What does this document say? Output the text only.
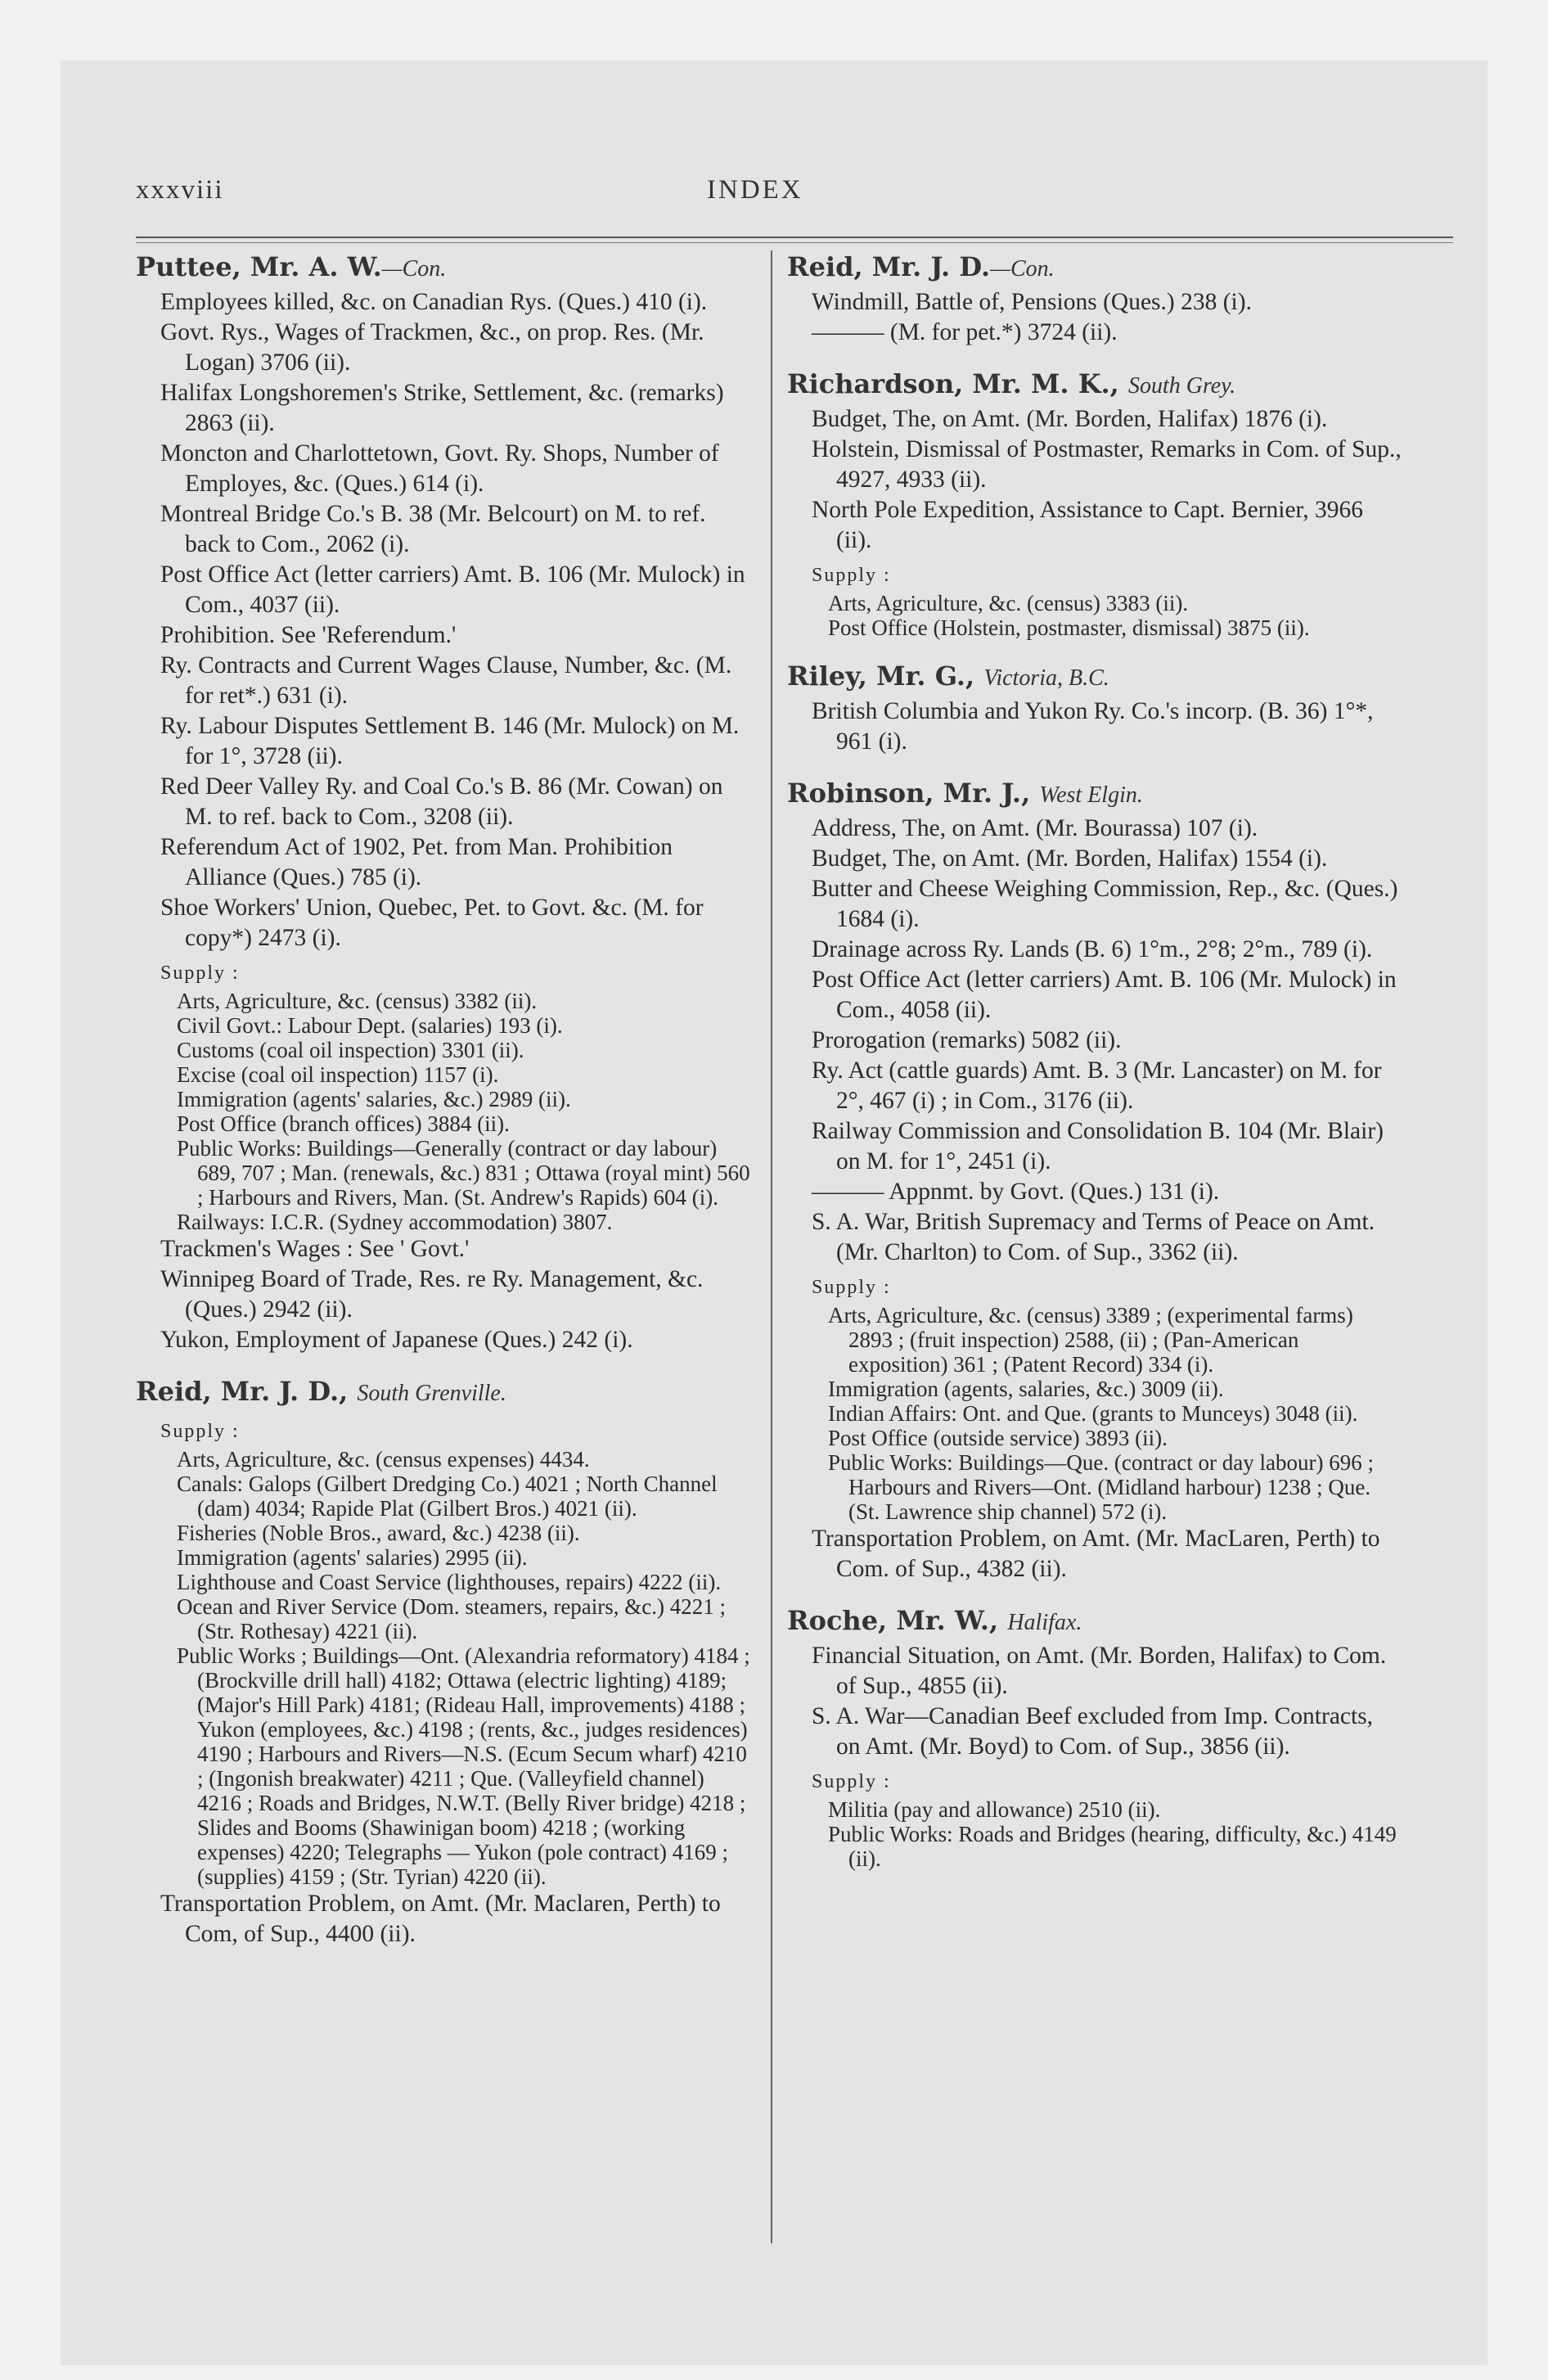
xxxviii	INDEX
Puttee, Mr. A. W.—Con.
Employees killed, &c. on Canadian Rys. (Ques.) 410 (i).
Govt. Rys., Wages of Trackmen, &c., on prop. Res. (Mr. Logan) 3706 (ii).
Halifax Longshoremen's Strike, Settlement, &c. (remarks) 2863 (ii).
Moncton and Charlottetown, Govt. Ry. Shops, Number of Employes, &c. (Ques.) 614 (i).
Montreal Bridge Co.'s B. 38 (Mr. Belcourt) on M. to ref. back to Com., 2062 (i).
Post Office Act (letter carriers) Amt. B. 106 (Mr. Mulock) in Com., 4037 (ii).
Prohibition. See 'Referendum.'
Ry. Contracts and Current Wages Clause, Number, &c. (M. for ret*.) 631 (i).
Ry. Labour Disputes Settlement B. 146 (Mr. Mulock) on M. for 1°, 3728 (ii).
Red Deer Valley Ry. and Coal Co.'s B. 86 (Mr. Cowan) on M. to ref. back to Com., 3208 (ii).
Referendum Act of 1902, Pet. from Man. Prohibition Alliance (Ques.) 785 (i).
Shoe Workers' Union, Quebec, Pet. to Govt. &c. (M. for copy*) 2473 (i).
Supply :
Arts, Agriculture, &c. (census) 3382 (ii).
Civil Govt.: Labour Dept. (salaries) 193 (i).
Customs (coal oil inspection) 3301 (ii).
Excise (coal oil inspection) 1157 (i).
Immigration (agents' salaries, &c.) 2989 (ii).
Post Office (branch offices) 3884 (ii).
Public Works: Buildings—Generally (contract or day labour) 689, 707 ; Man. (renewals, &c.) 831 ; Ottawa (royal mint) 560 ; Harbours and Rivers, Man. (St. Andrew's Rapids) 604 (i).
Railways: I.C.R. (Sydney accommodation) 3807.
Trackmen's Wages : See ' Govt.'
Winnipeg Board of Trade, Res. re Ry. Management, &c. (Ques.) 2942 (ii).
Yukon, Employment of Japanese (Ques.) 242 (i).
Reid, Mr. J. D., South Grenville.
Supply :
Arts, Agriculture, &c. (census expenses) 4434.
Canals: Galops (Gilbert Dredging Co.) 4021 ; North Channel (dam) 4034; Rapide Plat (Gilbert Bros.) 4021 (ii).
Fisheries (Noble Bros., award, &c.) 4238 (ii).
Immigration (agents' salaries) 2995 (ii).
Lighthouse and Coast Service (lighthouses, repairs) 4222 (ii).
Ocean and River Service (Dom. steamers, repairs, &c.) 4221 ; (Str. Rothesay) 4221 (ii).
Public Works ; Buildings—Ont. (Alexandria reformatory) 4184 ; (Brockville drill hall) 4182; Ottawa (electric lighting) 4189; (Major's Hill Park) 4181; (Rideau Hall, improvements) 4188 ; Yukon (employees, &c.) 4198 ; (rents, &c., judges residences) 4190 ; Harbours and Rivers—N.S. (Ecum Secum wharf) 4210 ; (Ingonish breakwater) 4211 ; Que. (Valleyfield channel) 4216 ; Roads and Bridges, N.W.T. (Belly River bridge) 4218 ; Slides and Booms (Shawinigan boom) 4218 ; (working expenses) 4220; Telegraphs — Yukon (pole contract) 4169 ; (supplies) 4159 ; (Str. Tyrian) 4220 (ii).
Transportation Problem, on Amt. (Mr. Maclaren, Perth) to Com, of Sup., 4400 (ii).
Reid, Mr. J. D.—Con.
Windmill, Battle of, Pensions (Ques.) 238 (i).
——— (M. for pet.*) 3724 (ii).
Richardson, Mr. M. K., South Grey.
Budget, The, on Amt. (Mr. Borden, Halifax) 1876 (i).
Holstein, Dismissal of Postmaster, Remarks in Com. of Sup., 4927, 4933 (ii).
North Pole Expedition, Assistance to Capt. Bernier, 3966 (ii).
Supply :
Arts, Agriculture, &c. (census) 3383 (ii).
Post Office (Holstein, postmaster, dismissal) 3875 (ii).
Riley, Mr. G., Victoria, B.C.
British Columbia and Yukon Ry. Co.'s incorp. (B. 36) 1°*, 961 (i).
Robinson, Mr. J., West Elgin.
Address, The, on Amt. (Mr. Bourassa) 107 (i).
Budget, The, on Amt. (Mr. Borden, Halifax) 1554 (i).
Butter and Cheese Weighing Commission, Rep., &c. (Ques.) 1684 (i).
Drainage across Ry. Lands (B. 6) 1°m., 2°8; 2°m., 789 (i).
Post Office Act (letter carriers) Amt. B. 106 (Mr. Mulock) in Com., 4058 (ii).
Prorogation (remarks) 5082 (ii).
Ry. Act (cattle guards) Amt. B. 3 (Mr. Lancaster) on M. for 2°, 467 (i) ; in Com., 3176 (ii).
Railway Commission and Consolidation B. 104 (Mr. Blair) on M. for 1°, 2451 (i).
——— Appnmt. by Govt. (Ques.) 131 (i).
S. A. War, British Supremacy and Terms of Peace on Amt. (Mr. Charlton) to Com. of Sup., 3362 (ii).
Supply :
Arts, Agriculture, &c. (census) 3389 ; (experimental farms) 2893 ; (fruit inspection) 2588, (ii) ; (Pan-American exposition) 361 ; (Patent Record) 334 (i).
Immigration (agents, salaries, &c.) 3009 (ii).
Indian Affairs: Ont. and Que. (grants to Munceys) 3048 (ii).
Post Office (outside service) 3893 (ii).
Public Works: Buildings—Que. (contract or day labour) 696 ; Harbours and Rivers—Ont. (Midland harbour) 1238 ; Que. (St. Lawrence ship channel) 572 (i).
Transportation Problem, on Amt. (Mr. MacLaren, Perth) to Com. of Sup., 4382 (ii).
Roche, Mr. W., Halifax.
Financial Situation, on Amt. (Mr. Borden, Halifax) to Com. of Sup., 4855 (ii).
S. A. War—Canadian Beef excluded from Imp. Contracts, on Amt. (Mr. Boyd) to Com. of Sup., 3856 (ii).
Supply :
Militia (pay and allowance) 2510 (ii).
Public Works: Roads and Bridges (hearing, difficulty, &c.) 4149 (ii).
